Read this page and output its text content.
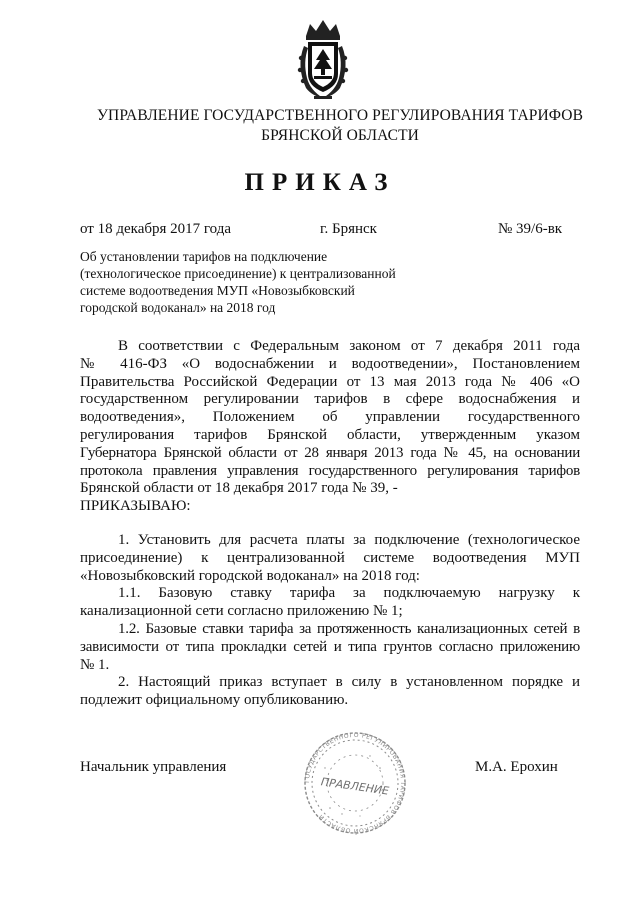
УПРАВЛЕНИЕ ГОСУДАРСТВЕННОГО РЕГУЛИРОВАНИЯ ТАРИФОВ
БРЯНСКОЙ ОБЛАСТИ
ПРИКАЗ
от 18 декабря 2017 года	г. Брянск	№ 39/6-вк
Об установлении тарифов на подключение
(технологическое присоединение) к централизованной
системе водоотведения МУП «Новозыбковский
городской водоканал» на 2018 год
В соответствии с Федеральным законом от 7 декабря 2011 года
№ 416-ФЗ «О водоснабжении и водоотведении», Постановлением
Правительства Российской Федерации от 13 мая 2013 года № 406 «О
государственном регулировании тарифов в сфере водоснабжения и
водоотведения», Положением об управлении государственного
регулирования тарифов Брянской области, утвержденным указом
Губернатора Брянской области от 28 января 2013 года № 45, на основании
протокола правления управления государственного регулирования тарифов
Брянской области от 18 декабря 2017 года № 39, -
ПРИКАЗЫВАЮ:
1. Установить для расчета платы за подключение (технологическое
присоединение) к централизованной системе водоотведения МУП
«Новозыбковский городской водоканал» на 2018 год:
1.1. Базовую ставку тарифа за подключаемую нагрузку к
канализационной сети согласно приложению № 1;
1.2. Базовые ставки тарифа за протяженность канализационных сетей в
зависимости от типа прокладки сетей и типа грунтов согласно приложению
№ 1.
2. Настоящий приказ вступает в силу в установленном порядке и
подлежит официальному опубликованию.
Начальник управления	М.А. Ерохин
ГОСУДАРСТВЕННОГО РЕГУЛИРОВАНИЯ ТАРИФОВ БРЯНСКОЙ ОБЛАСТИ
ПРАВЛЕНИЕ
